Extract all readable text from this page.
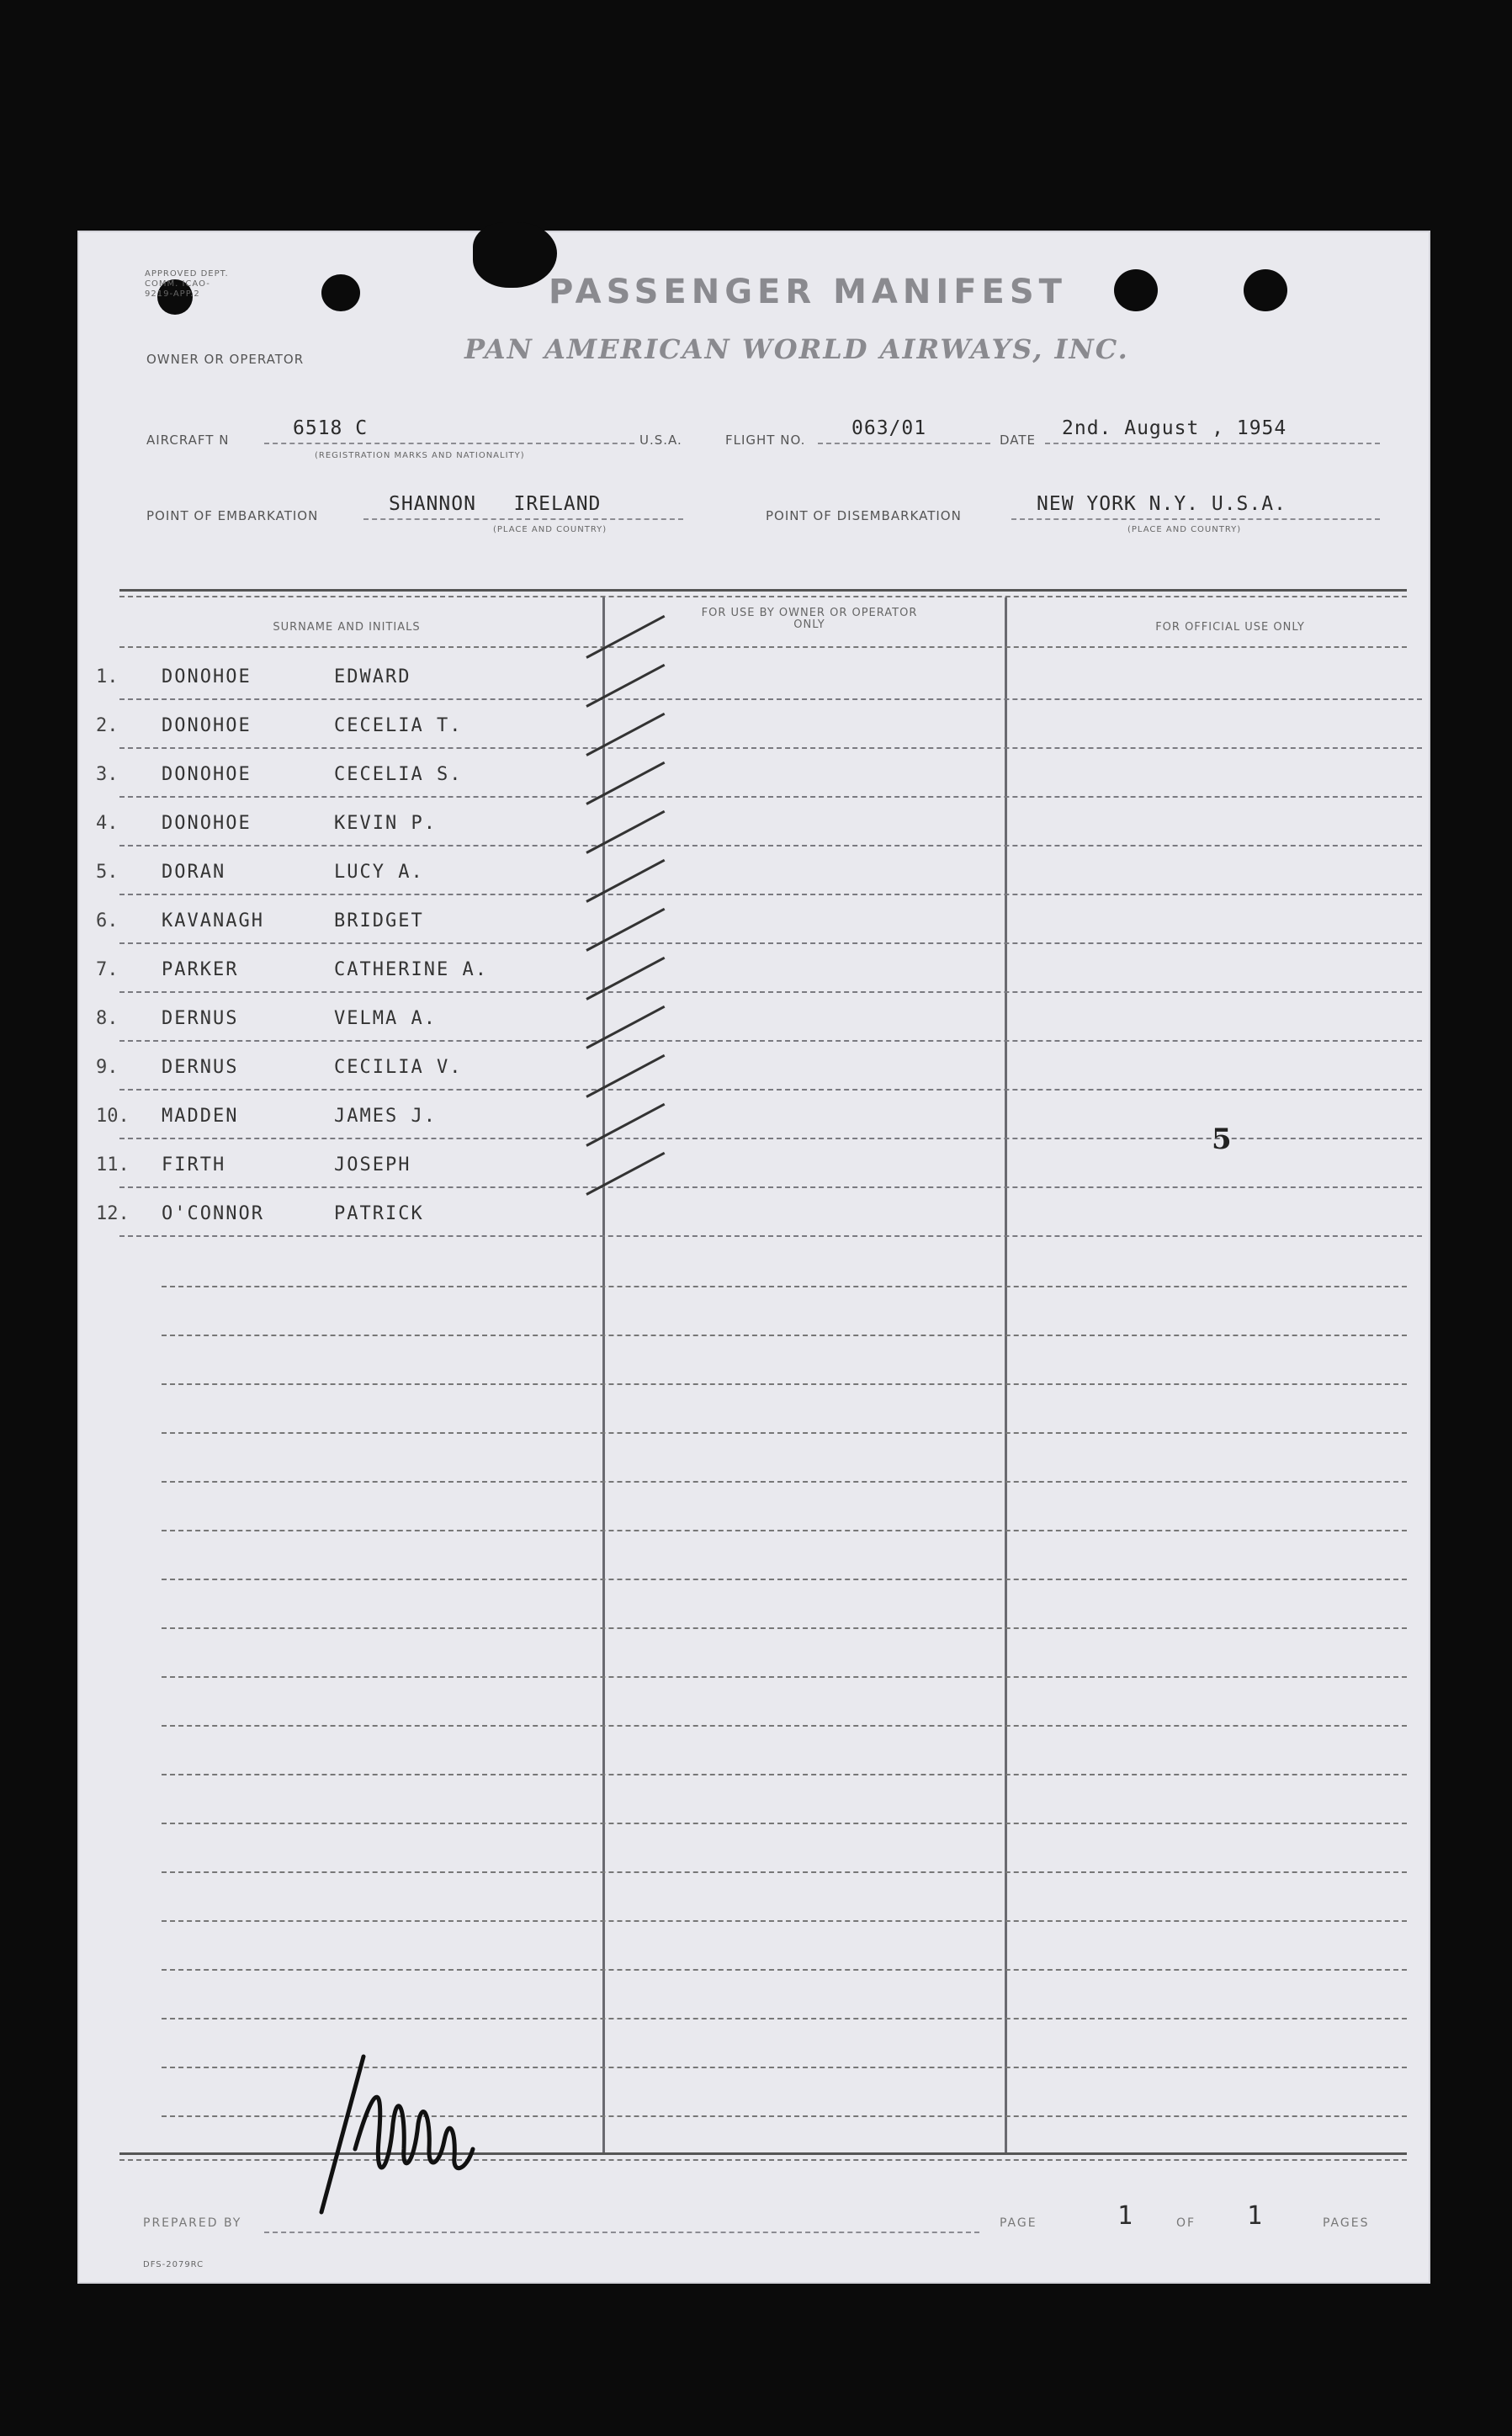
APPROVED DEPT. COMM. ICAO-9219-APP.2
OWNER OR OPERATOR
PASSENGER MANIFEST
PAN AMERICAN WORLD AIRWAYS, INC.
AIRCRAFT N
6518 C
(REGISTRATION MARKS AND NATIONALITY)
U.S.A.	FLIGHT NO.
063/01
DATE
2nd. August , 1954
POINT OF EMBARKATION
SHANNON   IRELAND
(PLACE AND COUNTRY)
POINT OF DISEMBARKATION
NEW YORK N.Y. U.S.A.
(PLACE AND COUNTRY)
SURNAME AND INITIALS
FOR USE BY OWNER OR OPERATOR ONLY	FOR OFFICIAL USE ONLY
1. DONOHOE	EDWARD
2. DONOHOE	CECELIA T.
3. DONOHOE	CECELIA S.
4. DONOHOE	KEVIN P.
5. DORAN	LUCY A.
6. KAVANAGH	BRIDGET
7. PARKER	CATHERINE A.
8. DERNUS	VELMA A.
9. DERNUS	CECILIA V.
10. MADDEN	JAMES J.
11. FIRTH	JOSEPH
12. O'CONNOR	PATRICK
5
PREPARED BY	PAGE	1	OF 1	PAGES
DFS-2079RC
